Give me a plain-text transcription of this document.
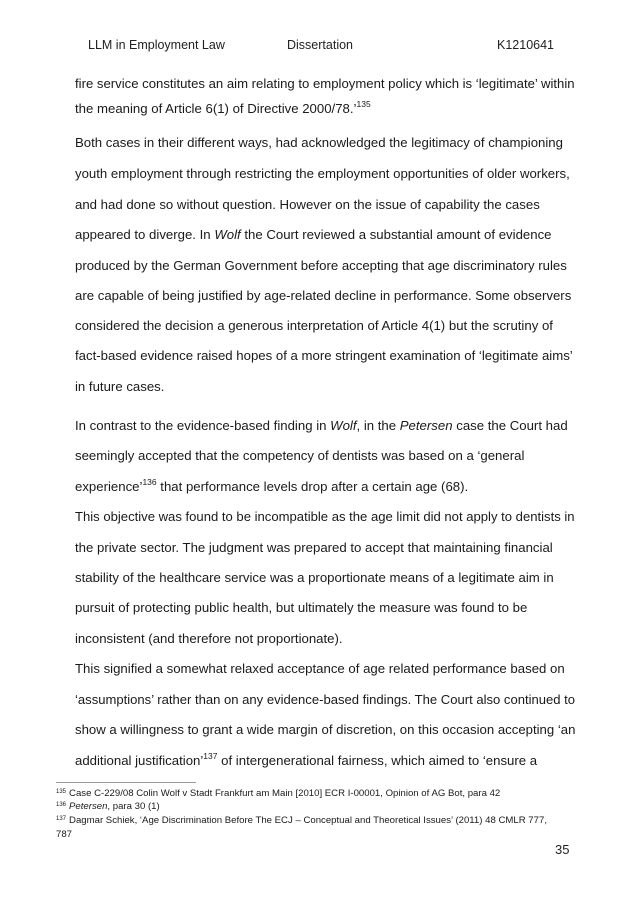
LLM in Employment Law	Dissertation	K1210641
fire service constitutes an aim relating to employment policy which is ‘legitimate’ within
the meaning of Article 6(1) of Directive 2000/78.’$^{135}$
Both cases in their different ways, had acknowledged the legitimacy of championing
youth employment through restricting the employment opportunities of older workers,
and had done so without question. However on the issue of capability the cases
appeared to diverge. In Wolf the Court reviewed a substantial amount of evidence
produced by the German Government before accepting that age discriminatory rules
are capable of being justified by age-related decline in performance. Some observers
considered the decision a generous interpretation of Article 4(1) but the scrutiny of
fact-based evidence raised hopes of a more stringent examination of ‘legitimate aims’
in future cases.
In contrast to the evidence-based finding in Wolf, in the Petersen case the Court had
seemingly accepted that the competency of dentists was based on a ‘general
experience’$^{136}$ that performance levels drop after a certain age (68).
This objective was found to be incompatible as the age limit did not apply to dentists in
the private sector. The judgment was prepared to accept that maintaining financial
stability of the healthcare service was a proportionate means of a legitimate aim in
pursuit of protecting public health, but ultimately the measure was found to be
inconsistent (and therefore not proportionate).
This signified a somewhat relaxed acceptance of age related performance based on
‘assumptions’ rather than on any evidence-based findings. The Court also continued to
show a willingness to grant a wide margin of discretion, on this occasion accepting ‘an
additional justification’$^{137}$ of intergenerational fairness, which aimed to ‘ensure a
$^{135}$ Case C-229/08 Colin Wolf v Stadt Frankfurt am Main [2010] ECR I-00001, Opinion of AG Bot, para 42
$^{136}$ Petersen, para 30 (1)
$^{137}$ Dagmar Schiek, ‘Age Discrimination Before The ECJ – Conceptual and Theoretical Issues’ (2011) 48 CMLR 777,
787
35
